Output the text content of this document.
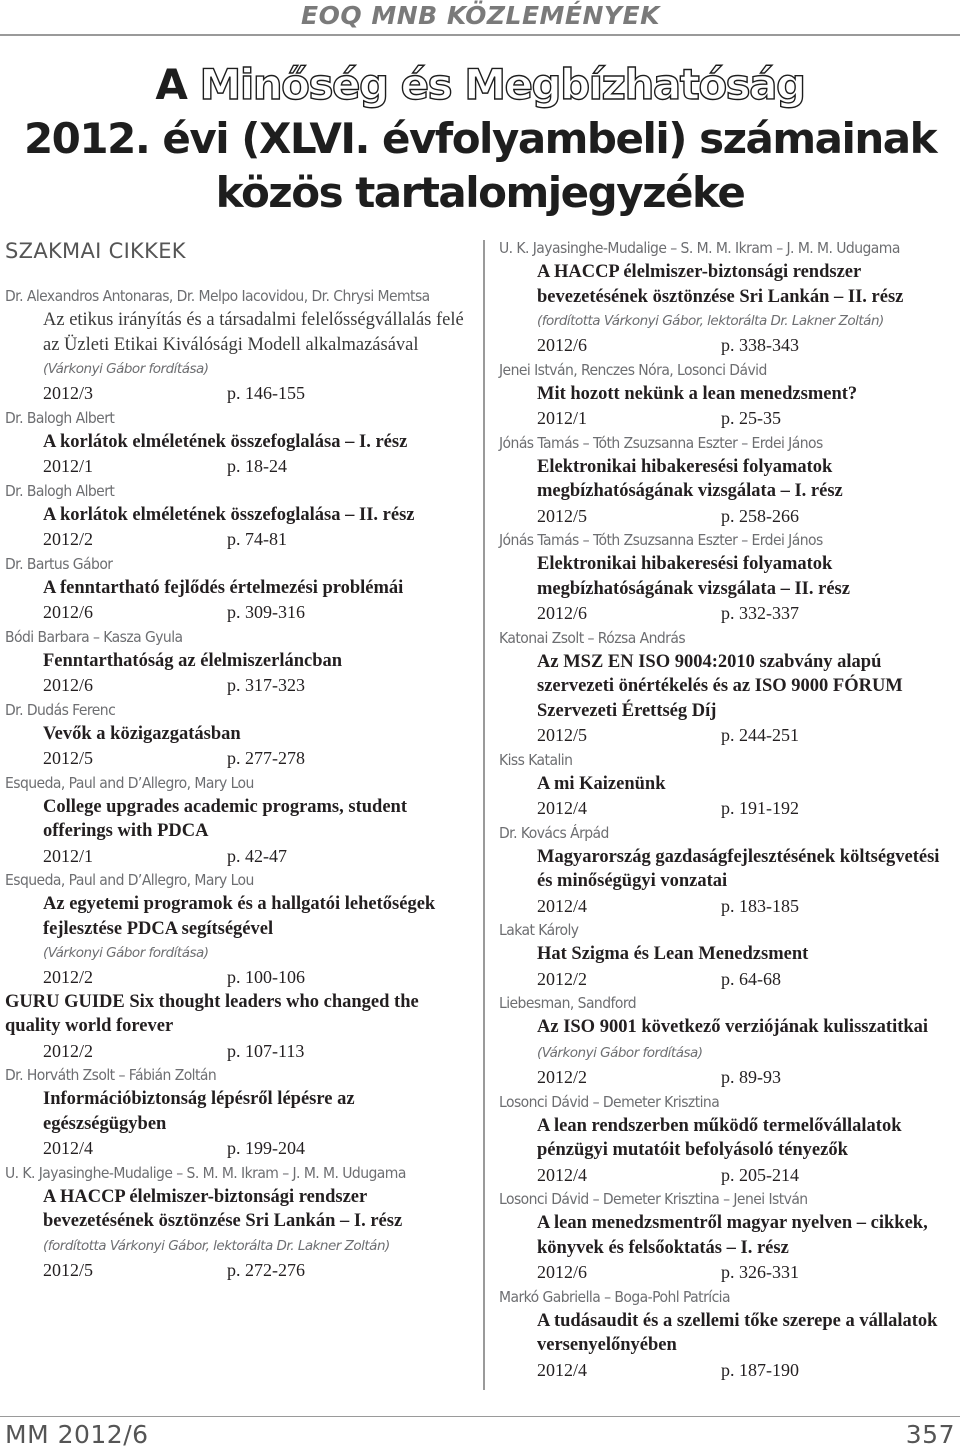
EOQ MNB KÖZLEMÉNYEK
A Minőség és Megbízhatóság
2012. évi (XLVI. évfolyambeli) számainak
közös tartalomjegyzéke
SZAKMAI CIKKEK
Dr. Alexandros Antonaras, Dr. Melpo Iacovidou, Dr. Chrysi Memtsa
Az etikus irányítás és a társadalmi felelősségvállalás felé az Üzleti Etikai Kiválósági Modell alkalmazásával
(Várkonyi Gábor fordítása)
2012/3	p. 146-155
Dr. Balogh Albert
A korlátok elméletének összefoglalása – I. rész
2012/1	p. 18-24
Dr. Balogh Albert
A korlátok elméletének összefoglalása – II. rész
2012/2	p. 74-81
Dr. Bartus Gábor
A fenntartható fejlődés értelmezési problémái
2012/6	p. 309-316
Bódi Barbara – Kasza Gyula
Fenntarthatóság az élelmiszerláncban
2012/6	p. 317-323
Dr. Dudás Ferenc
Vevők a közigazgatásban
2012/5	p. 277-278
Esqueda, Paul and D’Allegro, Mary Lou
College upgrades academic programs, student offerings with PDCA
2012/1	p. 42-47
Esqueda, Paul and D’Allegro, Mary Lou
Az egyetemi programok és a hallgatói lehetőségek fejlesztése PDCA segítségével
(Várkonyi Gábor fordítása)
2012/2	p. 100-106
GURU GUIDE Six thought leaders who changed the quality world forever
2012/2	p. 107-113
Dr. Horváth Zsolt – Fábián Zoltán
Információbiztonság lépésről lépésre az egészségügyben
2012/4	p. 199-204
U. K. Jayasinghe-Mudalige – S. M. M. Ikram – J. M. M. Udugama
A HACCP élelmiszer-biztonsági rendszer bevezetésének ösztönzése Sri Lankán – I. rész
(fordította Várkonyi Gábor, lektorálta Dr. Lakner Zoltán)
2012/5	p. 272-276
U. K. Jayasinghe-Mudalige – S. M. M. Ikram – J. M. M. Udugama
A HACCP élelmiszer-biztonsági rendszer bevezetésének ösztönzése Sri Lankán – II. rész
(fordította Várkonyi Gábor, lektorálta Dr. Lakner Zoltán)
2012/6	p. 338-343
Jenei István, Renczes Nóra, Losonci Dávid
Mit hozott nekünk a lean menedzsment?
2012/1	p. 25-35
Jónás Tamás – Tóth Zsuzsanna Eszter – Erdei János
Elektronikai hibakeresési folyamatok megbízhatóságának vizsgálata – I. rész
2012/5	p. 258-266
Jónás Tamás – Tóth Zsuzsanna Eszter – Erdei János
Elektronikai hibakeresési folyamatok megbízhatóságának vizsgálata – II. rész
2012/6	p. 332-337
Katonai Zsolt – Rózsa András
Az MSZ EN ISO 9004:2010 szabvány alapú szervezeti önértékelés és az ISO 9000 FÓRUM Szervezeti Érettség Díj
2012/5	p. 244-251
Kiss Katalin
A mi Kaizenünk
2012/4	p. 191-192
Dr. Kovács Árpád
Magyarország gazdaságfejlesztésének költségvetési és minőségügyi vonzatai
2012/4	p. 183-185
Lakat Károly
Hat Szigma és Lean Menedzsment
2012/2	p. 64-68
Liebesman, Sandford
Az ISO 9001 következő verziójának kulisszatitkai (Várkonyi Gábor fordítása)
2012/2	p. 89-93
Losonci Dávid – Demeter Krisztina
A lean rendszerben működő termelővállalatok pénzügyi mutatóit befolyásoló tényezők
2012/4	p. 205-214
Losonci Dávid – Demeter Krisztina – Jenei István
A lean menedzsmentről magyar nyelven – cikkek, könyvek és felsőoktatás – I. rész
2012/6	p. 326-331
Markó Gabriella – Boga-Pohl Patrícia
A tudásaudit és a szellemi tőke szerepe a vállalatok versenyelőnyében
2012/4	p. 187-190
MM 2012/6	357
